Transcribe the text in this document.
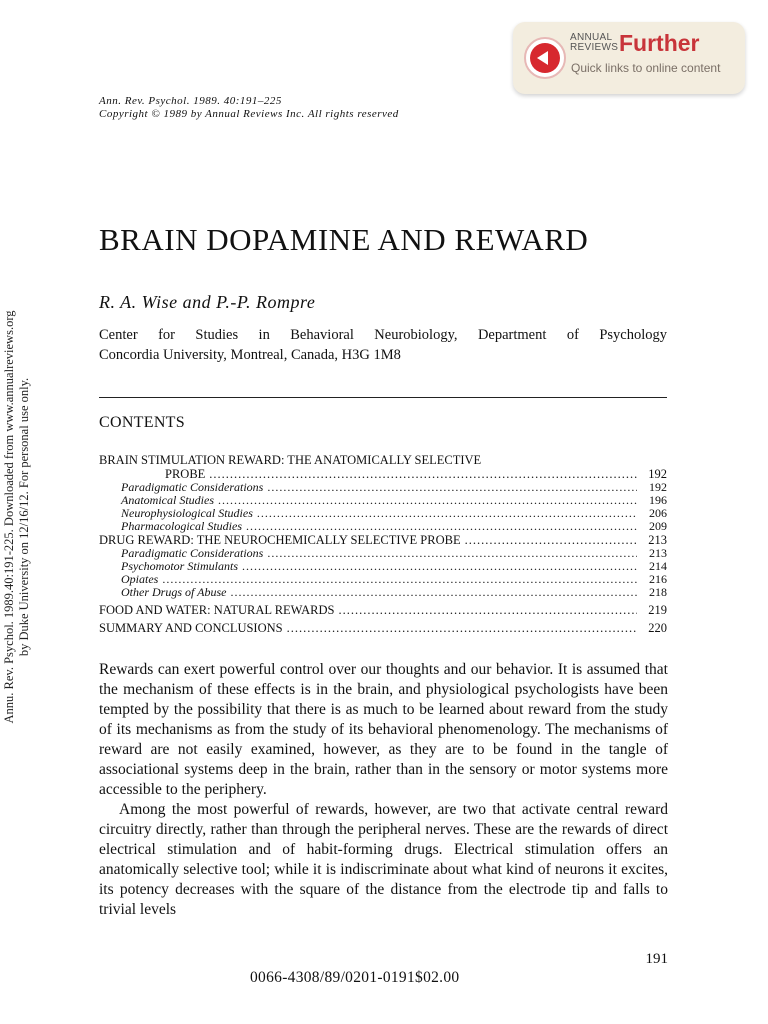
ANNUAL
REVIEWS Further
Quick links to online content
Annu. Rev. Psychol. 1989.40:191-225. Downloaded from www.annualreviews.org by Duke University on 12/16/12. For personal use only.
Ann. Rev. Psychol. 1989. 40:191–225
Copyright © 1989 by Annual Reviews Inc. All rights reserved
BRAIN DOPAMINE AND REWARD
R. A. Wise and P.-P. Rompre
Center for Studies in Behavioral Neurobiology, Department of Psychology
Concordia University, Montreal, Canada, H3G 1M8
CONTENTS
BRAIN STIMULATION REWARD: THE ANATOMICALLY SELECTIVE
PROBE .....	192
Paradigmatic Considerations .....	192
Anatomical Studies .....	196
Neurophysiological Studies .....	206
Pharmacological Studies .....	209
DRUG REWARD: THE NEUROCHEMICALLY SELECTIVE PROBE .....	213
Paradigmatic Considerations .....	213
Psychomotor Stimulants .....	214
Opiates .....	216
Other Drugs of Abuse .....	218
FOOD AND WATER: NATURAL REWARDS .....	219
SUMMARY AND CONCLUSIONS .....	220

Rewards can exert powerful control over our thoughts and our behavior. It is assumed that the mechanism of these effects is in the brain, and physiological psychologists have been tempted by the possibility that there is as much to be learned about reward from the study of its mechanisms as from the study of its behavioral phenomenology. The mechanisms of reward are not easily examined, however, as they are to be found in the tangle of associational systems deep in the brain, rather than in the sensory or motor systems more accessible to the periphery.

Among the most powerful of rewards, however, are two that activate central reward circuitry directly, rather than through the peripheral nerves. These are the rewards of direct electrical stimulation and of habit-forming drugs. Electrical stimulation offers an anatomically selective tool; while it is indiscriminate about what kind of neurons it excites, its potency decreases with the square of the distance from the electrode tip and falls to trivial levels

191
0066-4308/89/0201-0191$02.00
